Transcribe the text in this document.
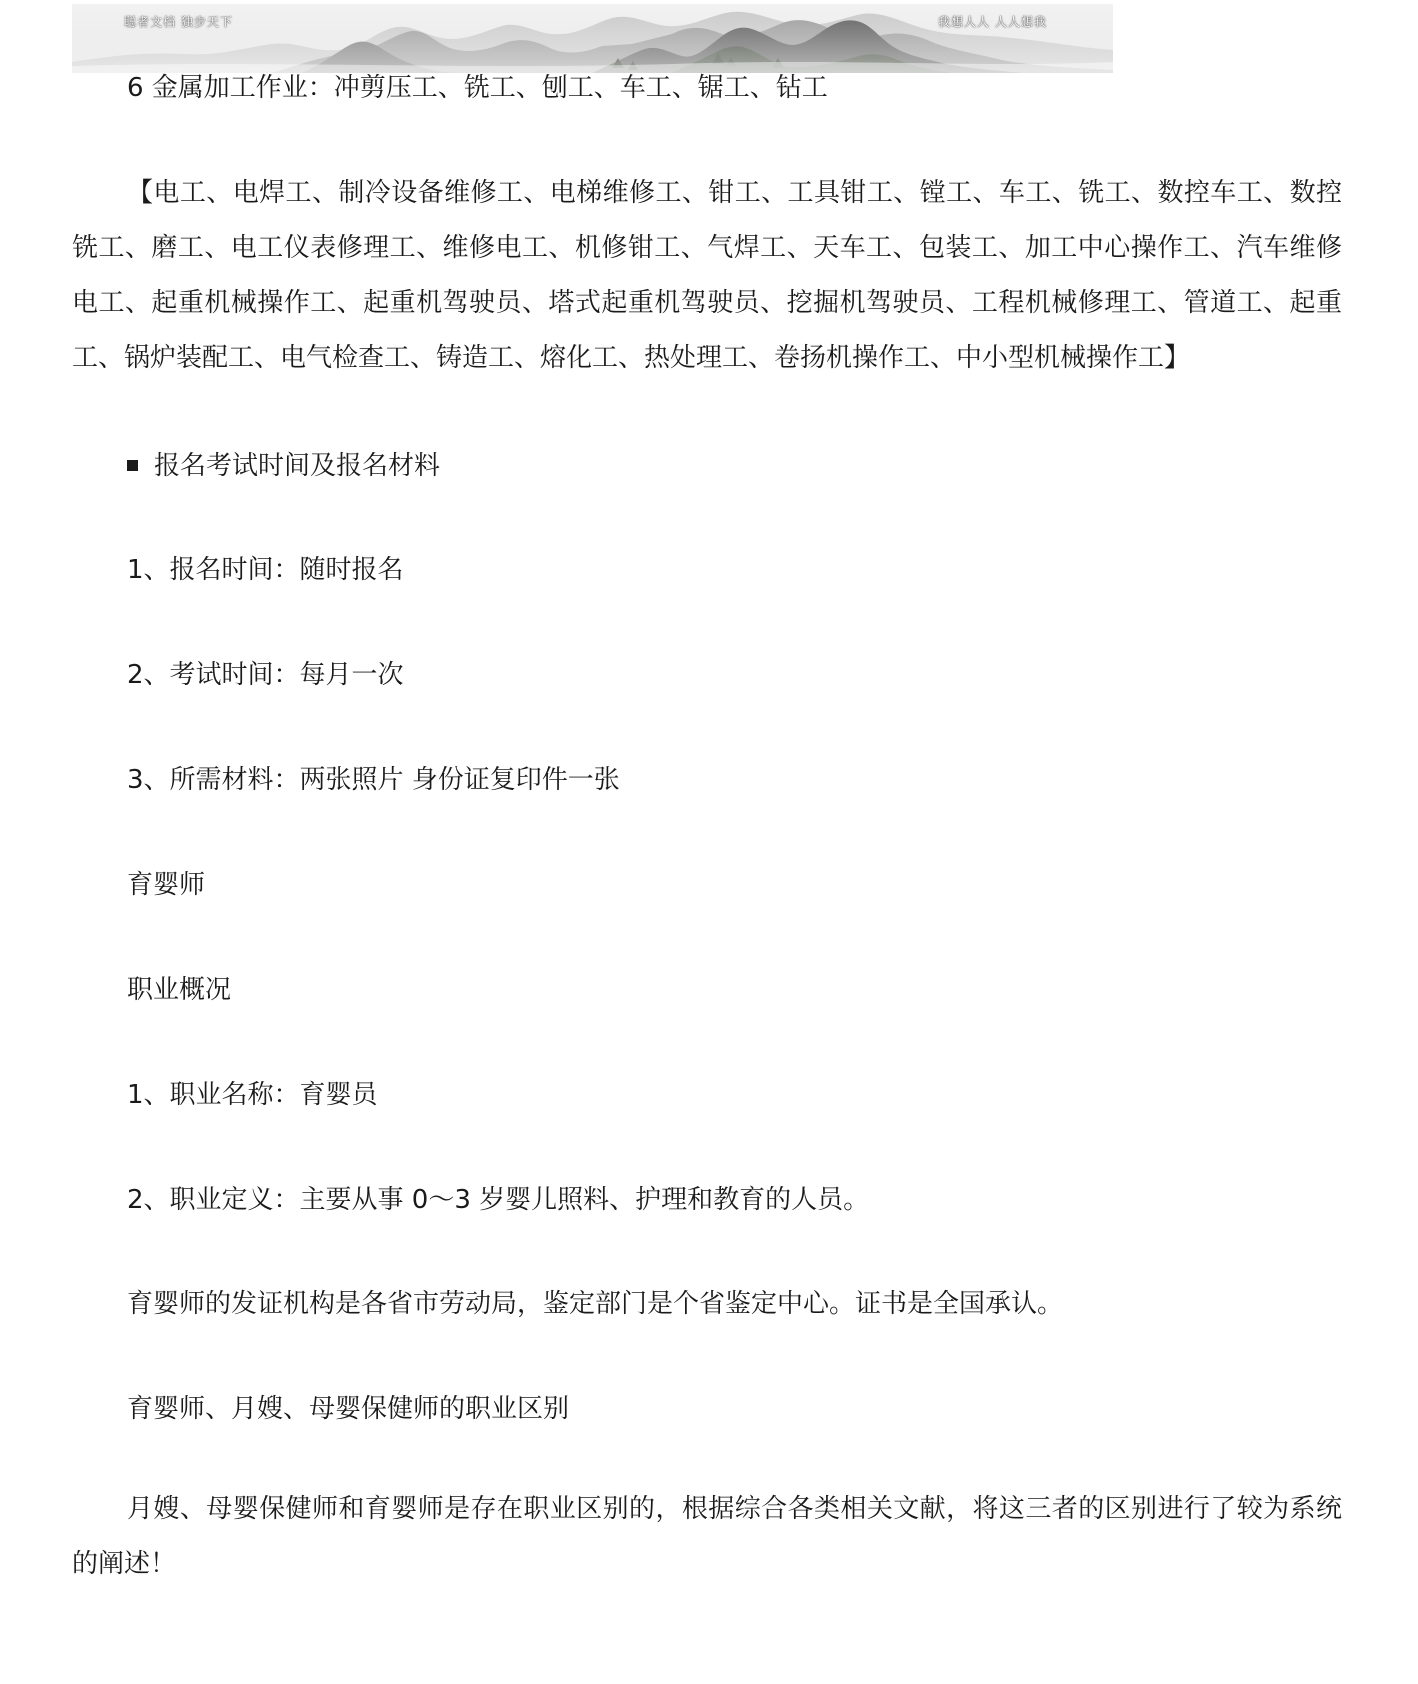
聪者文档 独步天下	我想人人 人人想我
6 金属加工作业：冲剪压工、铣工、刨工、车工、锯工、钻工
【电工、电焊工、制冷设备维修工、电梯维修工、钳工、工具钳工、镗工、车工、铣工、数控车工、数控铣工、磨工、电工仪表修理工、维修电工、机修钳工、气焊工、天车工、包装工、加工中心操作工、汽车维修电工、起重机械操作工、起重机驾驶员、塔式起重机驾驶员、挖掘机驾驶员、工程机械修理工、管道工、起重工、锅炉装配工、电气检查工、铸造工、熔化工、热处理工、卷扬机操作工、中小型机械操作工】
报名考试时间及报名材料
1、报名时间：随时报名
2、考试时间：每月一次
3、所需材料：两张照片 身份证复印件一张
育婴师
职业概况
1、职业名称：育婴员
2、职业定义：主要从事 0～3 岁婴儿照料、护理和教育的人员。
育婴师的发证机构是各省市劳动局，鉴定部门是个省鉴定中心。证书是全国承认。
育婴师、月嫂、母婴保健师的职业区别
月嫂、母婴保健师和育婴师是存在职业区别的，根据综合各类相关文献，将这三者的区别进行了较为系统的阐述！
